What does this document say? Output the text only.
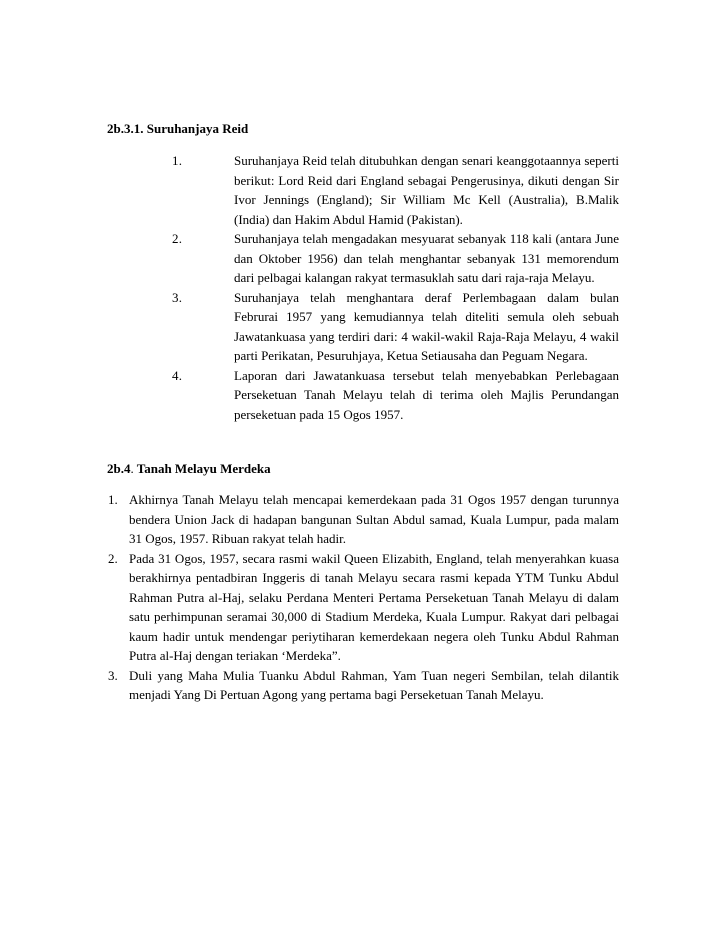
2b.3.1. Suruhanjaya Reid
1.	Suruhanjaya Reid telah ditubuhkan dengan senari keanggotaannya seperti berikut: Lord Reid dari England sebagai Pengerusinya, dikuti dengan Sir Ivor Jennings (England); Sir William Mc Kell (Australia), B.Malik (India) dan Hakim Abdul Hamid (Pakistan).
2.	Suruhanjaya telah mengadakan mesyuarat sebanyak 118 kali (antara June dan Oktober 1956) dan telah menghantar sebanyak 131 memorendum dari pelbagai kalangan rakyat termasuklah satu dari raja-raja Melayu.
3.	Suruhanjaya telah menghantara deraf Perlembagaan dalam bulan Februrai 1957 yang kemudiannya telah diteliti semula oleh sebuah Jawatankuasa yang terdiri dari: 4 wakil-wakil Raja-Raja Melayu, 4 wakil parti Perikatan, Pesuruhjaya, Ketua Setiausaha dan Peguam Negara.
4.	Laporan dari Jawatankuasa tersebut telah menyebabkan Perlebagaan Perseketuan Tanah Melayu telah di terima oleh Majlis Perundangan perseketuan pada 15 Ogos 1957.
2b.4. Tanah Melayu Merdeka
1. Akhirnya Tanah Melayu telah mencapai kemerdekaan pada 31 Ogos 1957 dengan turunnya bendera Union Jack di hadapan bangunan Sultan Abdul samad, Kuala Lumpur, pada malam 31 Ogos, 1957. Ribuan rakyat telah hadir.
2. Pada 31 Ogos, 1957, secara rasmi wakil Queen Elizabith, England, telah menyerahkan kuasa berakhirnya pentadbiran Inggeris di tanah Melayu secara rasmi kepada YTM Tunku Abdul Rahman Putra al-Haj, selaku Perdana Menteri Pertama Perseketuan Tanah Melayu di dalam satu perhimpunan seramai 30,000 di Stadium Merdeka, Kuala Lumpur. Rakyat dari pelbagai kaum hadir untuk mendengar periytiharan kemerdekaan negera oleh Tunku Abdul Rahman Putra al-Haj dengan teriakan ‘Merdeka”.
3. Duli yang Maha Mulia Tuanku Abdul Rahman, Yam Tuan negeri Sembilan, telah dilantik menjadi Yang Di Pertuan Agong yang pertama bagi Perseketuan Tanah Melayu.
